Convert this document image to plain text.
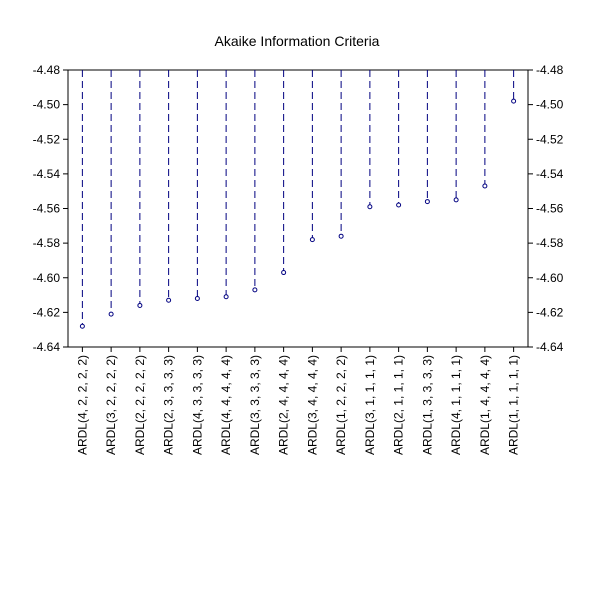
Akaike Information Criteria
-4.48
-4.50
-4.52
-4.54
-4.56
-4.58
-4.60
-4.62
-4.64
-4.48
-4.50
-4.52
-4.54
-4.56
-4.58
-4.60
-4.62
-4.64
ARDL(4, 2, 2, 2, 2) ARDL(3, 2, 2, 2, 2) ARDL(2, 2, 2, 2, 2) ARDL(2, 3, 3, 3, 3) ARDL(4, 3, 3, 3, 3) ARDL(4, 4, 4, 4, 4) ARDL(3, 3, 3, 3, 3) ARDL(2, 4, 4, 4, 4) ARDL(3, 4, 4, 4, 4) ARDL(1, 2, 2, 2, 2) ARDL(3, 1, 1, 1, 1) ARDL(2, 1, 1, 1, 1) ARDL(1, 3, 3, 3, 3) ARDL(4, 1, 1, 1, 1) ARDL(1, 4, 4, 4, 4) ARDL(1, 1, 1, 1, 1)
